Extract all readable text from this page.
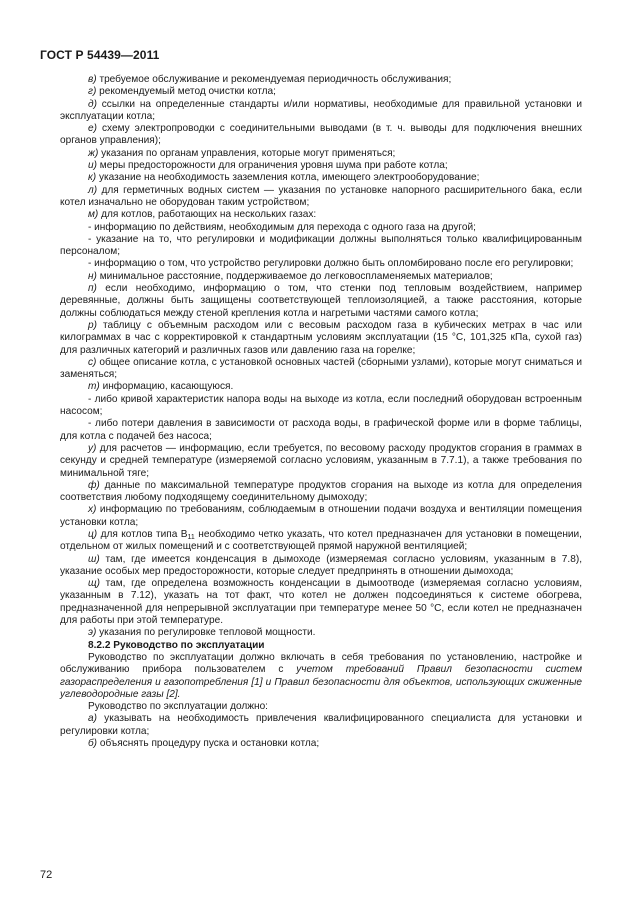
ГОСТ Р 54439—2011

в) требуемое обслуживание и рекомендуемая периодичность обслуживания;

г) рекомендуемый метод очистки котла;

д) ссылки на определенные стандарты и/или нормативы, необходимые для правильной установки и эксплуатации котла;

е) схему электропроводки с соединительными выводами (в т. ч. выводы для подключения внешних органов управления);

ж) указания по органам управления, которые могут применяться;

и) меры предосторожности для ограничения уровня шума при работе котла;

к) указание на необходимость заземления котла, имеющего электрооборудование;

л) для герметичных водных систем — указания по установке напорного расширительного бака, если котел изначально не оборудован таким устройством;

м) для котлов, работающих на нескольких газах:

- информацию по действиям, необходимым для перехода с одного газа на другой;

- указание на то, что регулировки и модификации должны выполняться только квалифицированным персоналом;

- информацию о том, что устройство регулировки должно быть опломбировано после его регулировки;

н) минимальное расстояние, поддерживаемое до легковоспламеняемых материалов;

п) если необходимо, информацию о том, что стенки под тепловым воздействием, например деревянные, должны быть защищены соответствующей теплоизоляцией, а также расстояния, которые должны соблюдаться между стеной крепления котла и нагретыми частями самого котла;

р) таблицу с объемным расходом или с весовым расходом газа в кубических метрах в час или килограммах в час с корректировкой к стандартным условиям эксплуатации (15 °С, 101,325 кПа, сухой газ) для различных категорий и различных газов или давлению газа на горелке;

с) общее описание котла, с установкой основных частей (сборными узлами), которые могут сниматься и заменяться;

т) информацию, касающуюся.

- либо кривой характеристик напора воды на выходе из котла, если последний оборудован встроенным насосом;

- либо потери давления в зависимости от расхода воды, в графической форме или в форме таблицы, для котла с подачей без насоса;

у) для расчетов — информацию, если требуется, по весовому расходу продуктов сгорания в граммах в секунду и средней температуре (измеряемой согласно условиям, указанным в 7.7.1), а также требования по минимальной тяге;

ф) данные по максимальной температуре продуктов сгорания на выходе из котла для определения соответствия любому подходящему соединительному дымоходу;

х) информацию по требованиям, соблюдаемым в отношении подачи воздуха и вентиляции помещения установки котла;

ц) для котлов типа $В_{11}$ необходимо четко указать, что котел предназначен для установки в помещении, отдельном от жилых помещений и с соответствующей прямой наружной вентиляцией;

ш) там, где имеется конденсация в дымоходе (измеряемая согласно условиям, указанным в 7.8), указание особых мер предосторожности, которые следует предпринять в отношении дымохода;

щ) там, где определена возможность конденсации в дымоотводе (измеряемая согласно условиям, указанным в 7.12), указать на тот факт, что котел не должен подсоединяться к системе обогрева, предназначенной для непрерывной эксплуатации при температуре менее 50 °С, если котел не предназначен для работы при этой температуре.

э) указания по регулировке тепловой мощности.

8.2.2 Руководство по эксплуатации

Руководство по эксплуатации должно включать в себя требования по установлению, настройке и обслуживанию прибора пользователем с учетом требований Правил безопасности систем газораспределения и газопотребления [1] и Правил безопасности для объектов, использующих сжиженные углеводородные газы [2].

Руководство по эксплуатации должно:

а) указывать на необходимость привлечения квалифицированного специалиста для установки и регулировки котла;

б) объяснять процедуру пуска и остановки котла;

72
